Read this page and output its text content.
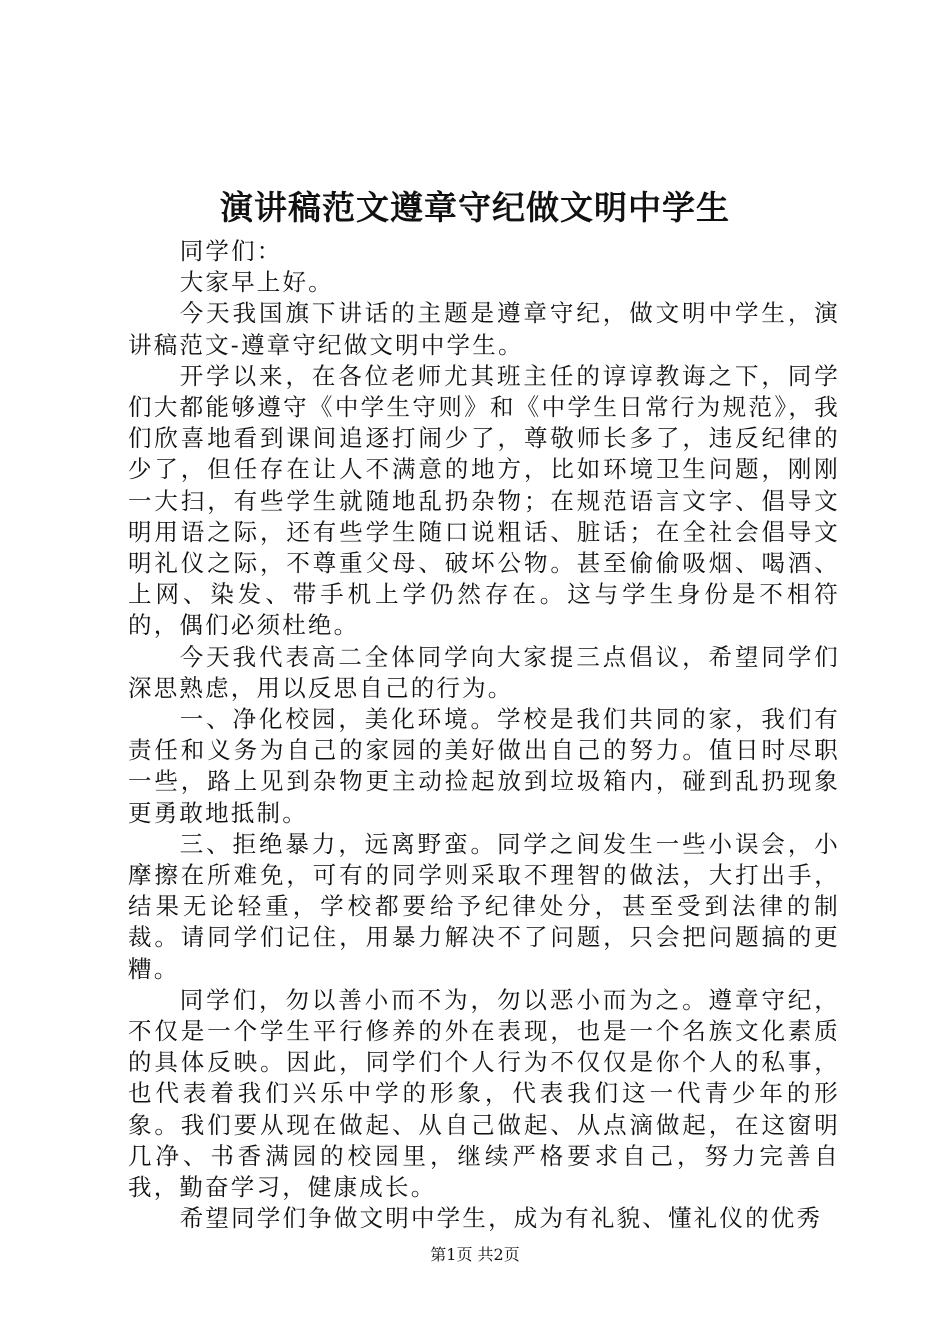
演讲稿范文遵章守纪做文明中学生

同学们：

大家早上好。

今天我国旗下讲话的主题是遵章守纪，做文明中学生，演讲稿范文-遵章守纪做文明中学生。

开学以来，在各位老师尤其班主任的谆谆教诲之下，同学们大都能够遵守《中学生守则》和《中学生日常行为规范》，我们欣喜地看到课间追逐打闹少了，尊敬师长多了，违反纪律的少了，但任存在让人不满意的地方，比如环境卫生问题，刚刚一大扫，有些学生就随地乱扔杂物；在规范语言文字、倡导文明用语之际，还有些学生随口说粗话、脏话；在全社会倡导文明礼仪之际，不尊重父母、破坏公物。甚至偷偷吸烟、喝酒、上网、染发、带手机上学仍然存在。这与学生身份是不相符的，偶们必须杜绝。

今天我代表高二全体同学向大家提三点倡议，希望同学们深思熟虑，用以反思自己的行为。

一、净化校园，美化环境。学校是我们共同的家，我们有责任和义务为自己的家园的美好做出自己的努力。值日时尽职一些，路上见到杂物更主动捡起放到垃圾箱内，碰到乱扔现象更勇敢地抵制。

三、拒绝暴力，远离野蛮。同学之间发生一些小误会，小摩擦在所难免，可有的同学则采取不理智的做法，大打出手，结果无论轻重，学校都要给予纪律处分，甚至受到法律的制裁。请同学们记住，用暴力解决不了问题，只会把问题搞的更糟。

同学们，勿以善小而不为，勿以恶小而为之。遵章守纪，不仅是一个学生平行修养的外在表现，也是一个名族文化素质的具体反映。因此，同学们个人行为不仅仅是你个人的私事，也代表着我们兴乐中学的形象，代表我们这一代青少年的形象。我们要从现在做起、从自己做起、从点滴做起，在这窗明几净、书香满园的校园里，继续严格要求自己，努力完善自我，勤奋学习，健康成长。

希望同学们争做文明中学生，成为有礼貌、懂礼仪的优秀

第1页 共2页
